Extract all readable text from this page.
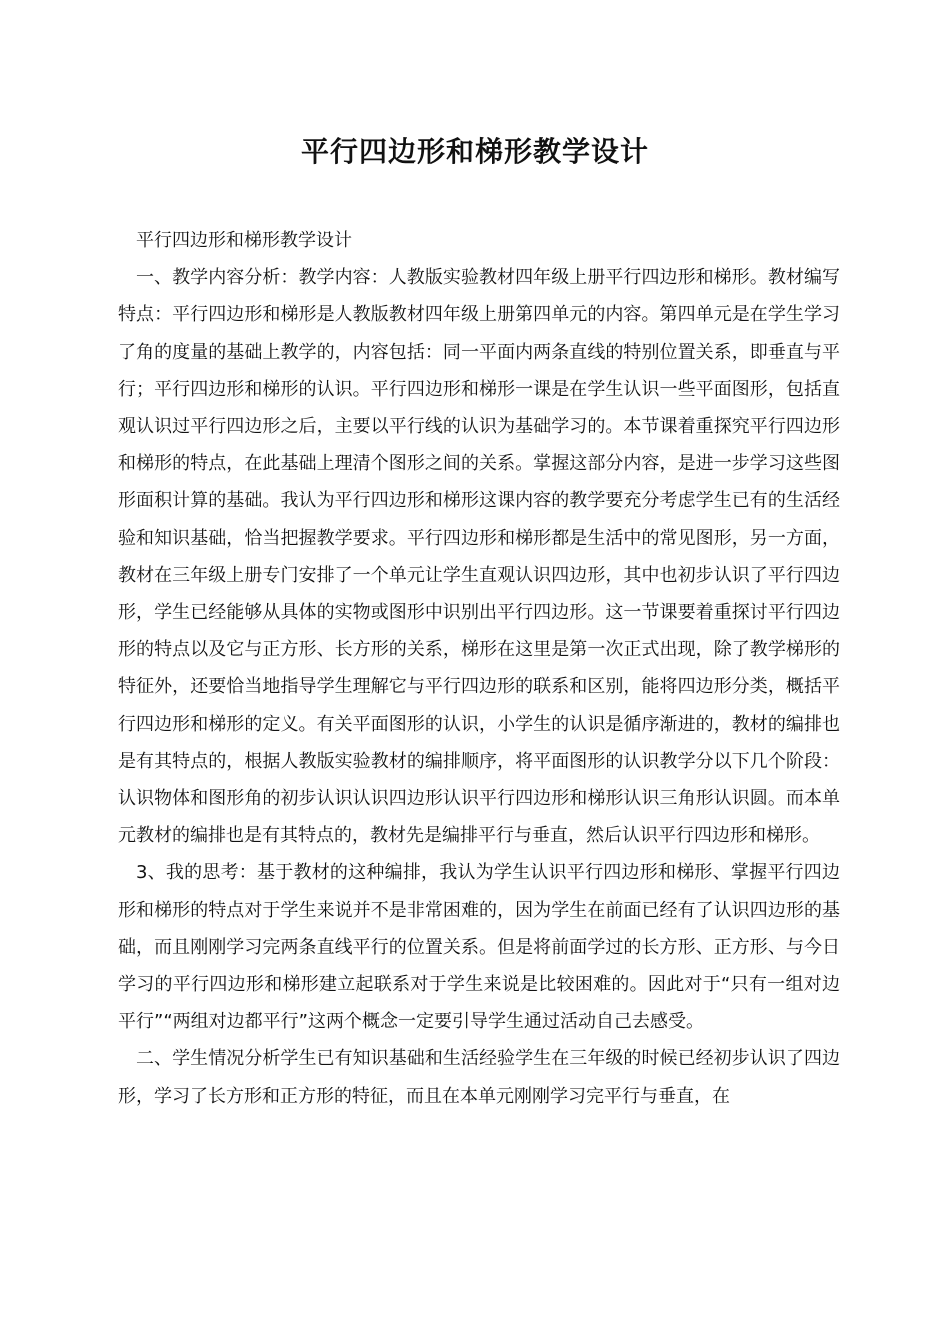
平行四边形和梯形教学设计

平行四边形和梯形教学设计

一、教学内容分析：教学内容：人教版实验教材四年级上册平行四边形和梯形。教材编写特点：平行四边形和梯形是人教版教材四年级上册第四单元的内容。第四单元是在学生学习了角的度量的基础上教学的，内容包括：同一平面内两条直线的特别位置关系，即垂直与平行；平行四边形和梯形的认识。平行四边形和梯形一课是在学生认识一些平面图形，包括直观认识过平行四边形之后，主要以平行线的认识为基础学习的。本节课着重探究平行四边形和梯形的特点，在此基础上理清个图形之间的关系。掌握这部分内容，是进一步学习这些图形面积计算的基础。我认为平行四边形和梯形这课内容的教学要充分考虑学生已有的生活经验和知识基础，恰当把握教学要求。平行四边形和梯形都是生活中的常见图形，另一方面，教材在三年级上册专门安排了一个单元让学生直观认识四边形，其中也初步认识了平行四边形，学生已经能够从具体的实物或图形中识别出平行四边形。这一节课要着重探讨平行四边形的特点以及它与正方形、长方形的关系，梯形在这里是第一次正式出现，除了教学梯形的特征外，还要恰当地指导学生理解它与平行四边形的联系和区别，能将四边形分类，概括平行四边形和梯形的定义。有关平面图形的认识，小学生的认识是循序渐进的，教材的编排也是有其特点的，根据人教版实验教材的编排顺序，将平面图形的认识教学分以下几个阶段：认识物体和图形角的初步认识认识四边形认识平行四边形和梯形认识三角形认识圆。而本单元教材的编排也是有其特点的，教材先是编排平行与垂直，然后认识平行四边形和梯形。

3、我的思考：基于教材的这种编排，我认为学生认识平行四边形和梯形、掌握平行四边形和梯形的特点对于学生来说并不是非常困难的，因为学生在前面已经有了认识四边形的基础，而且刚刚学习完两条直线平行的位置关系。但是将前面学过的长方形、正方形、与今日学习的平行四边形和梯形建立起联系对于学生来说是比较困难的。因此对于“只有一组对边平行”“两组对边都平行”这两个概念一定要引导学生通过活动自己去感受。

二、学生情况分析学生已有知识基础和生活经验学生在三年级的时候已经初步认识了四边形，学习了长方形和正方形的特征，而且在本单元刚刚学习完平行与垂直，在
